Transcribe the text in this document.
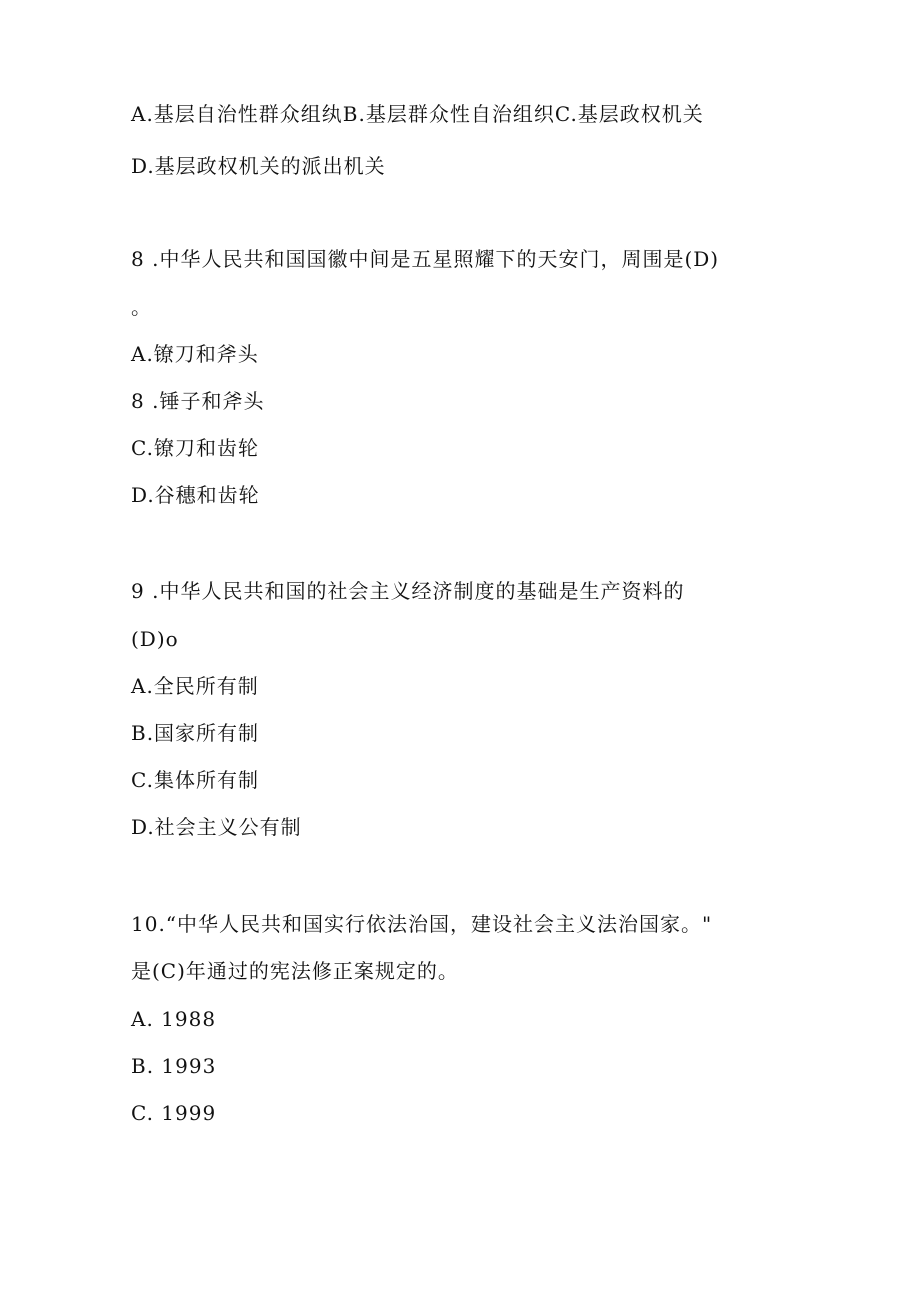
A.基层自治性群众组纨B.基层群众性自治组织C.基层政权机关
D.基层政权机关的派出机关
8 .中华人民共和国国徽中间是五星照耀下的天安门，周围是(D)
。
A.镣刀和斧头
8 .锤子和斧头
C.镣刀和齿轮
D.谷穗和齿轮
9 .中华人民共和国的社会主义经济制度的基础是生产资料的
(D)o
A.全民所有制
B.国家所有制
C.集体所有制
D.社会主义公有制
10.“中华人民共和国实行依法治国，建设社会主义法治国家。"
是(C)年通过的宪法修正案规定的。
A. 1988
B. 1993
C. 1999
